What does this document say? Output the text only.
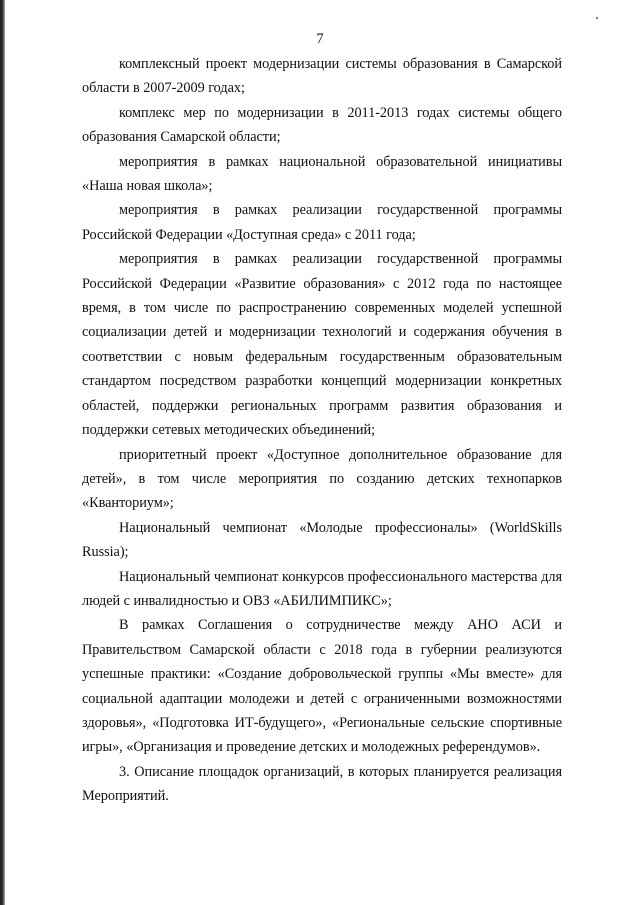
7

комплексный проект модернизации системы образования в Самарской области в 2007-2009 годах;

комплекс мер по модернизации в 2011-2013 годах системы общего образования Самарской области;

мероприятия в рамках национальной образовательной инициативы «Наша новая школа»;

мероприятия в рамках реализации государственной программы Российской Федерации «Доступная среда» с 2011 года;

мероприятия в рамках реализации государственной программы Российской Федерации «Развитие образования» с 2012 года по настоящее время, в том числе по распространению современных моделей успешной социализации детей и модернизации технологий и содержания обучения в соответствии с новым федеральным государственным образовательным стандартом посредством разработки концепций модернизации конкретных областей, поддержки региональных программ развития образования и поддержки сетевых методических объединений;

приоритетный проект «Доступное дополнительное образование для детей», в том числе мероприятия по созданию детских технопарков «Кванториум»;

Национальный чемпионат «Молодые профессионалы» (WorldSkills Russia);

Национальный чемпионат конкурсов профессионального мастерства для людей с инвалидностью и ОВЗ «АБИЛИМПИКС»;

В рамках Соглашения о сотрудничестве между АНО АСИ и Правительством Самарской области с 2018 года в губернии реализуются успешные практики: «Создание добровольческой группы «Мы вместе» для социальной адаптации молодежи и детей с ограниченными возможностями здоровья», «Подготовка ИТ-будущего», «Региональные сельские спортивные игры», «Организация и проведение детских и молодежных референдумов».

3. Описание площадок организаций, в которых планируется реализация Мероприятий.
